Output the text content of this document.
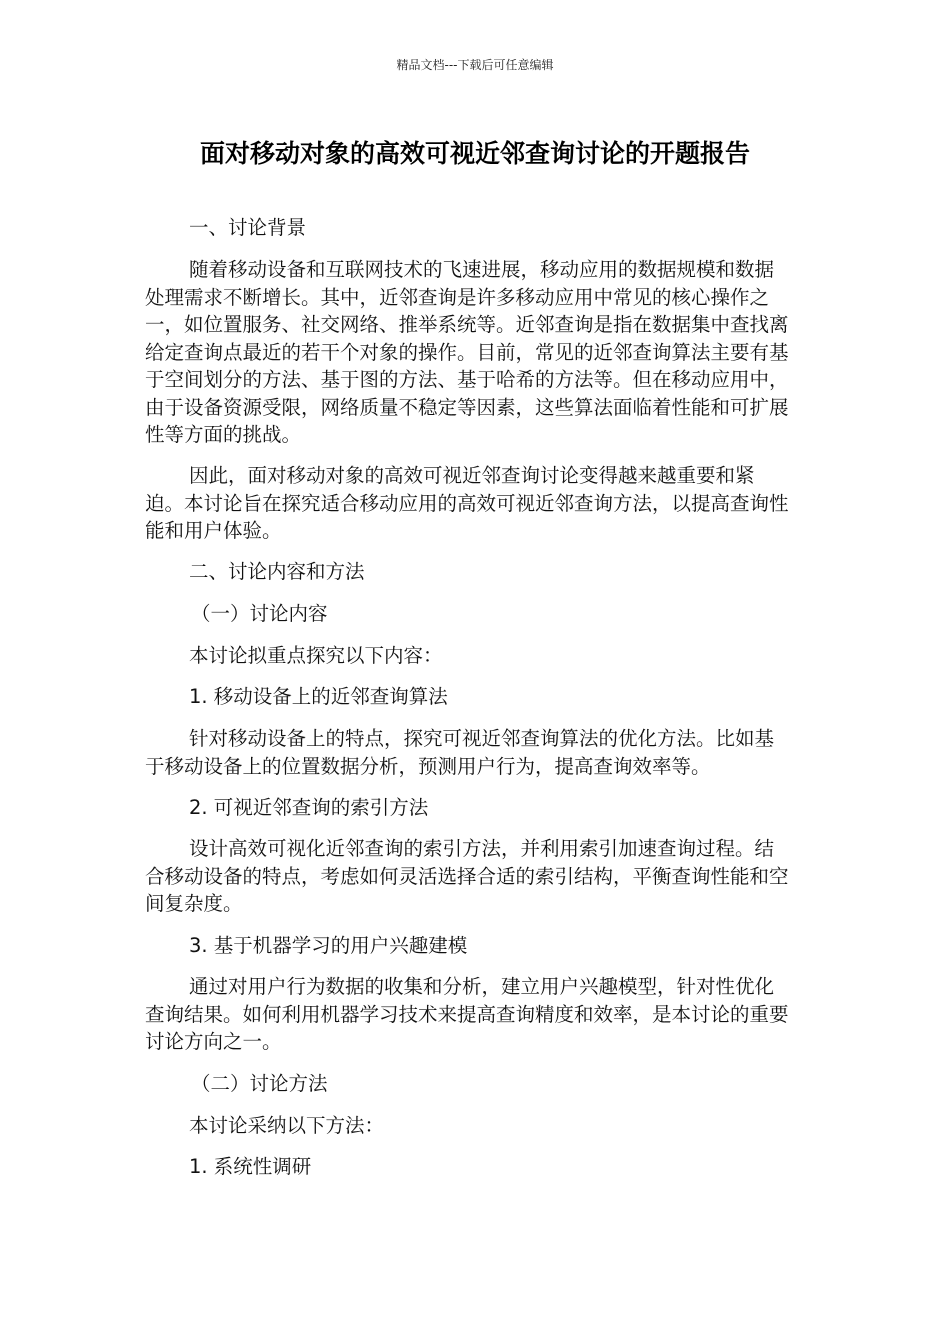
精品文档---下载后可任意编辑
面对移动对象的高效可视近邻查询讨论的开题报告

一、讨论背景

随着移动设备和互联网技术的飞速进展，移动应用的数据规模和数据处理需求不断增长。其中，近邻查询是许多移动应用中常见的核心操作之一，如位置服务、社交网络、推举系统等。近邻查询是指在数据集中查找离给定查询点最近的若干个对象的操作。目前，常见的近邻查询算法主要有基于空间划分的方法、基于图的方法、基于哈希的方法等。但在移动应用中，由于设备资源受限，网络质量不稳定等因素，这些算法面临着性能和可扩展性等方面的挑战。

因此，面对移动对象的高效可视近邻查询讨论变得越来越重要和紧迫。本讨论旨在探究适合移动应用的高效可视近邻查询方法，以提高查询性能和用户体验。

二、讨论内容和方法

（一）讨论内容

本讨论拟重点探究以下内容：

1. 移动设备上的近邻查询算法

针对移动设备上的特点，探究可视近邻查询算法的优化方法。比如基于移动设备上的位置数据分析，预测用户行为，提高查询效率等。

2. 可视近邻查询的索引方法

设计高效可视化近邻查询的索引方法，并利用索引加速查询过程。结合移动设备的特点，考虑如何灵活选择合适的索引结构，平衡查询性能和空间复杂度。

3. 基于机器学习的用户兴趣建模

通过对用户行为数据的收集和分析，建立用户兴趣模型，针对性优化查询结果。如何利用机器学习技术来提高查询精度和效率，是本讨论的重要讨论方向之一。

（二）讨论方法

本讨论采纳以下方法：

1. 系统性调研
